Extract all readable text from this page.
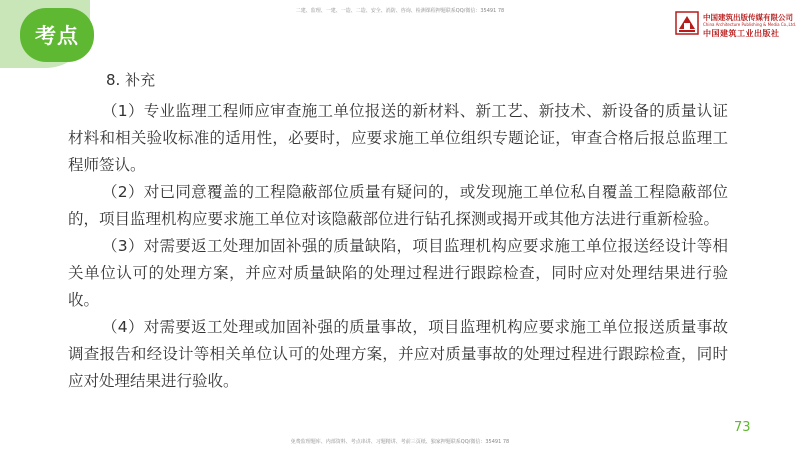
考点
二建、监理、一建、一造、二造、安全、消防、咨询、检测课程押题联系QQ/微信：35491 78
中国建筑出版传媒有限公司
China Architecture Publishing & Media Co.,Ltd.
中国建筑工业出版社
8. 补充

（1）专业监理工程师应审查施工单位报送的新材料、新工艺、新技术、新设备的质量认证材料和相关验收标准的适用性，必要时，应要求施工单位组织专题论证，审查合格后报总监理工程师签认。

（2）对已同意覆盖的工程隐蔽部位质量有疑问的，或发现施工单位私自覆盖工程隐蔽部位的，项目监理机构应要求施工单位对该隐蔽部位进行钻孔探测或揭开或其他方法进行重新检验。

（3）对需要返工处理加固补强的质量缺陷，项目监理机构应要求施工单位报送经设计等相关单位认可的处理方案，并应对质量缺陷的处理过程进行跟踪检查，同时应对处理结果进行验收。

（4）对需要返工处理或加固补强的质量事故，项目监理机构应要求施工单位报送质量事故调查报告和经设计等相关单位认可的处理方案，并应对质量事故的处理过程进行跟踪检查，同时应对处理结果进行验收。

73
免费监理题库、内部资料、考点串讲、习题精讲、考前三页纸、独家押题联系QQ/微信：35491 78
